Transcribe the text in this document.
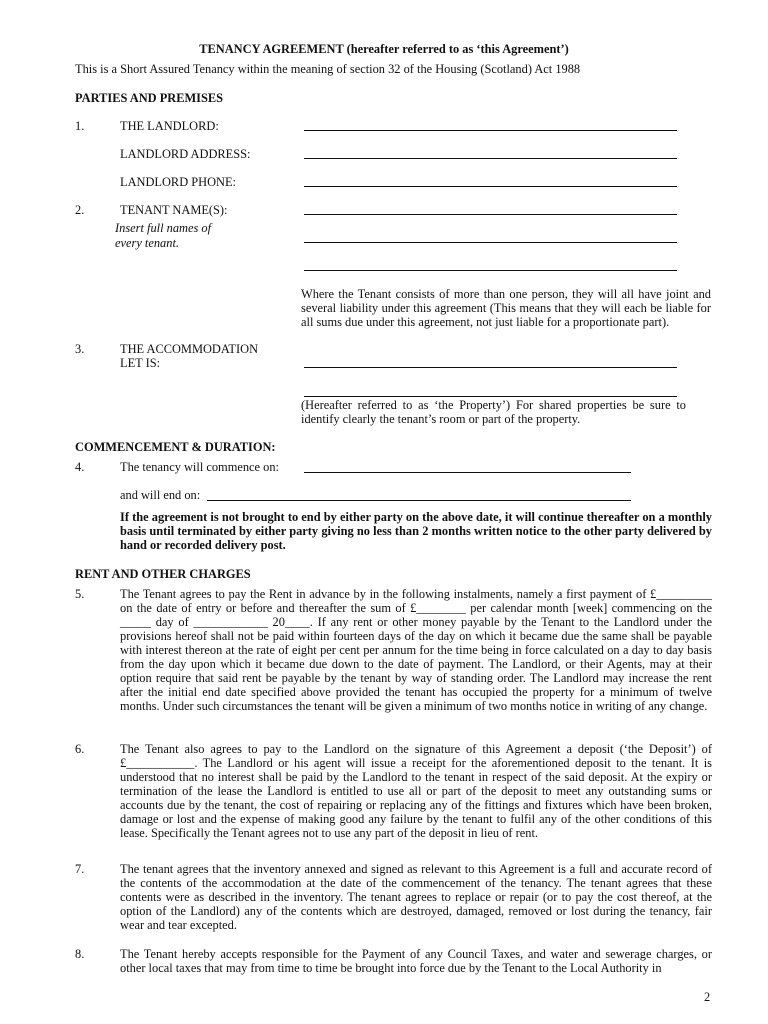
TENANCY AGREEMENT (hereafter referred to as ‘this Agreement’)
This is a Short Assured Tenancy within the meaning of section 32 of the Housing (Scotland) Act 1988
PARTIES AND PREMISES
1.	THE LANDLORD:
LANDLORD ADDRESS:
LANDLORD PHONE:
2.	TENANT NAME(S):
Insert full names of
every tenant.
Where the Tenant consists of more than one person, they will all have joint and several liability under this agreement (This means that they will each be liable for all sums due under this agreement, not just liable for a proportionate part).
3.	THE ACCOMMODATION
LET IS:
(Hereafter referred to as ‘the Property’) For shared properties be sure to identify clearly the tenant’s room or part of the property.
COMMENCEMENT & DURATION:
4.	The tenancy will commence on:
and will end on:
If the agreement is not brought to end by either party on the above date, it will continue thereafter on a monthly basis until terminated by either party giving no less than 2 months written notice to the other party delivered by hand or recorded delivery post.
RENT AND OTHER CHARGES
5.	The Tenant agrees to pay the Rent in advance by in the following instalments, namely a first payment of £_________ on the date of entry or before and thereafter the sum of £________ per calendar month [week] commencing on the _____ day of ____________ 20____. If any rent or other money payable by the Tenant to the Landlord under the provisions hereof shall not be paid within fourteen days of the day on which it became due the same shall be payable with interest thereon at the rate of eight per cent per annum for the time being in force calculated on a day to day basis from the day upon which it became due down to the date of payment. The Landlord, or their Agents, may at their option require that said rent be payable by the tenant by way of standing order. The Landlord may increase the rent after the initial end date specified above provided the tenant has occupied the property for a minimum of twelve months. Under such circumstances the tenant will be given a minimum of two months notice in writing of any change.
6.	The Tenant also agrees to pay to the Landlord on the signature of this Agreement a deposit (‘the Deposit’) of £___________. The Landlord or his agent will issue a receipt for the aforementioned deposit to the tenant. It is understood that no interest shall be paid by the Landlord to the tenant in respect of the said deposit. At the expiry or termination of the lease the Landlord is entitled to use all or part of the deposit to meet any outstanding sums or accounts due by the tenant, the cost of repairing or replacing any of the fittings and fixtures which have been broken, damage or lost and the expense of making good any failure by the tenant to fulfil any of the other conditions of this lease. Specifically the Tenant agrees not to use any part of the deposit in lieu of rent.
7.	The tenant agrees that the inventory annexed and signed as relevant to this Agreement is a full and accurate record of the contents of the accommodation at the date of the commencement of the tenancy. The tenant agrees that these contents were as described in the inventory. The tenant agrees to replace or repair (or to pay the cost thereof, at the option of the Landlord) any of the contents which are destroyed, damaged, removed or lost during the tenancy, fair wear and tear excepted.
8.	The Tenant hereby accepts responsible for the Payment of any Council Taxes, and water and sewerage charges, or other local taxes that may from time to time be brought into force due by the Tenant to the Local Authority in
2
